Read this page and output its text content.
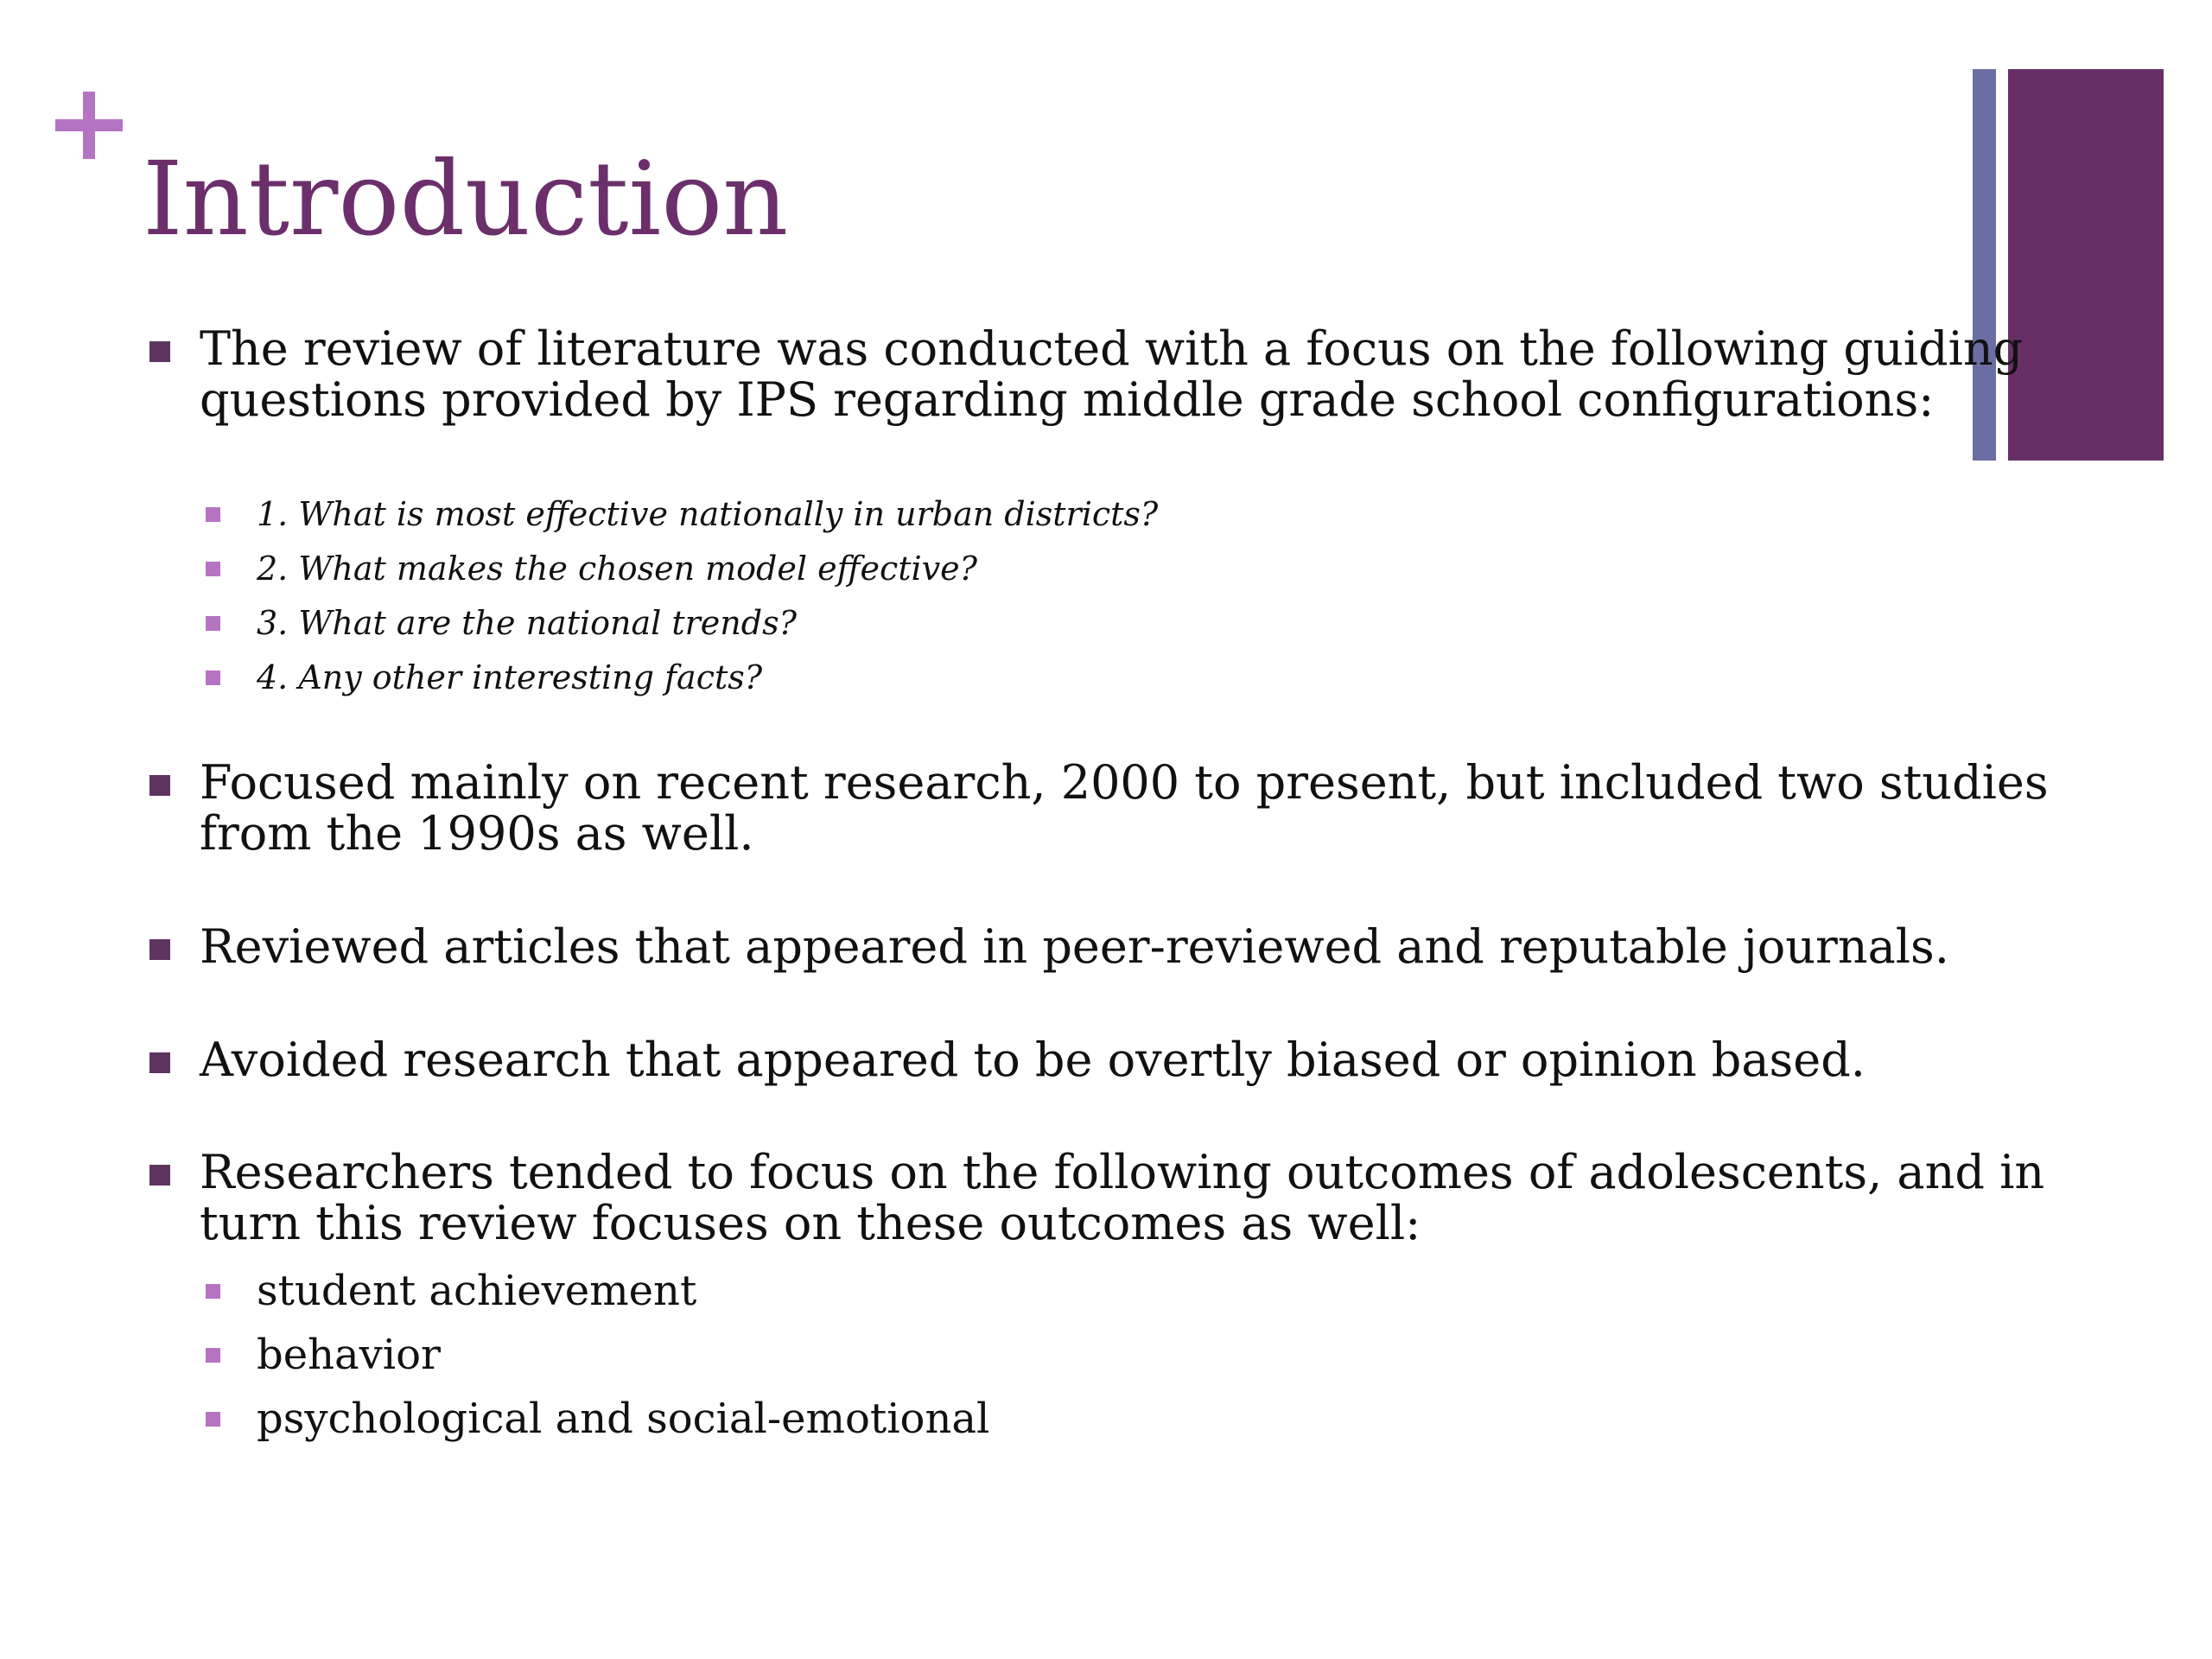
Introduction
The review of literature was conducted with a focus on the following guiding questions provided by IPS regarding middle grade school configurations:
1. What is most effective nationally in urban districts?
2. What makes the chosen model effective?
3. What are the national trends?
4. Any other interesting facts?
Focused mainly on recent research, 2000 to present, but included two studies from the 1990s as well.
Reviewed articles that appeared in peer-reviewed and reputable journals.
Avoided research that appeared to be overtly biased or opinion based.
Researchers tended to focus on the following outcomes of adolescents, and in turn this review focuses on these outcomes as well:
student achievement
behavior
psychological and social-emotional
